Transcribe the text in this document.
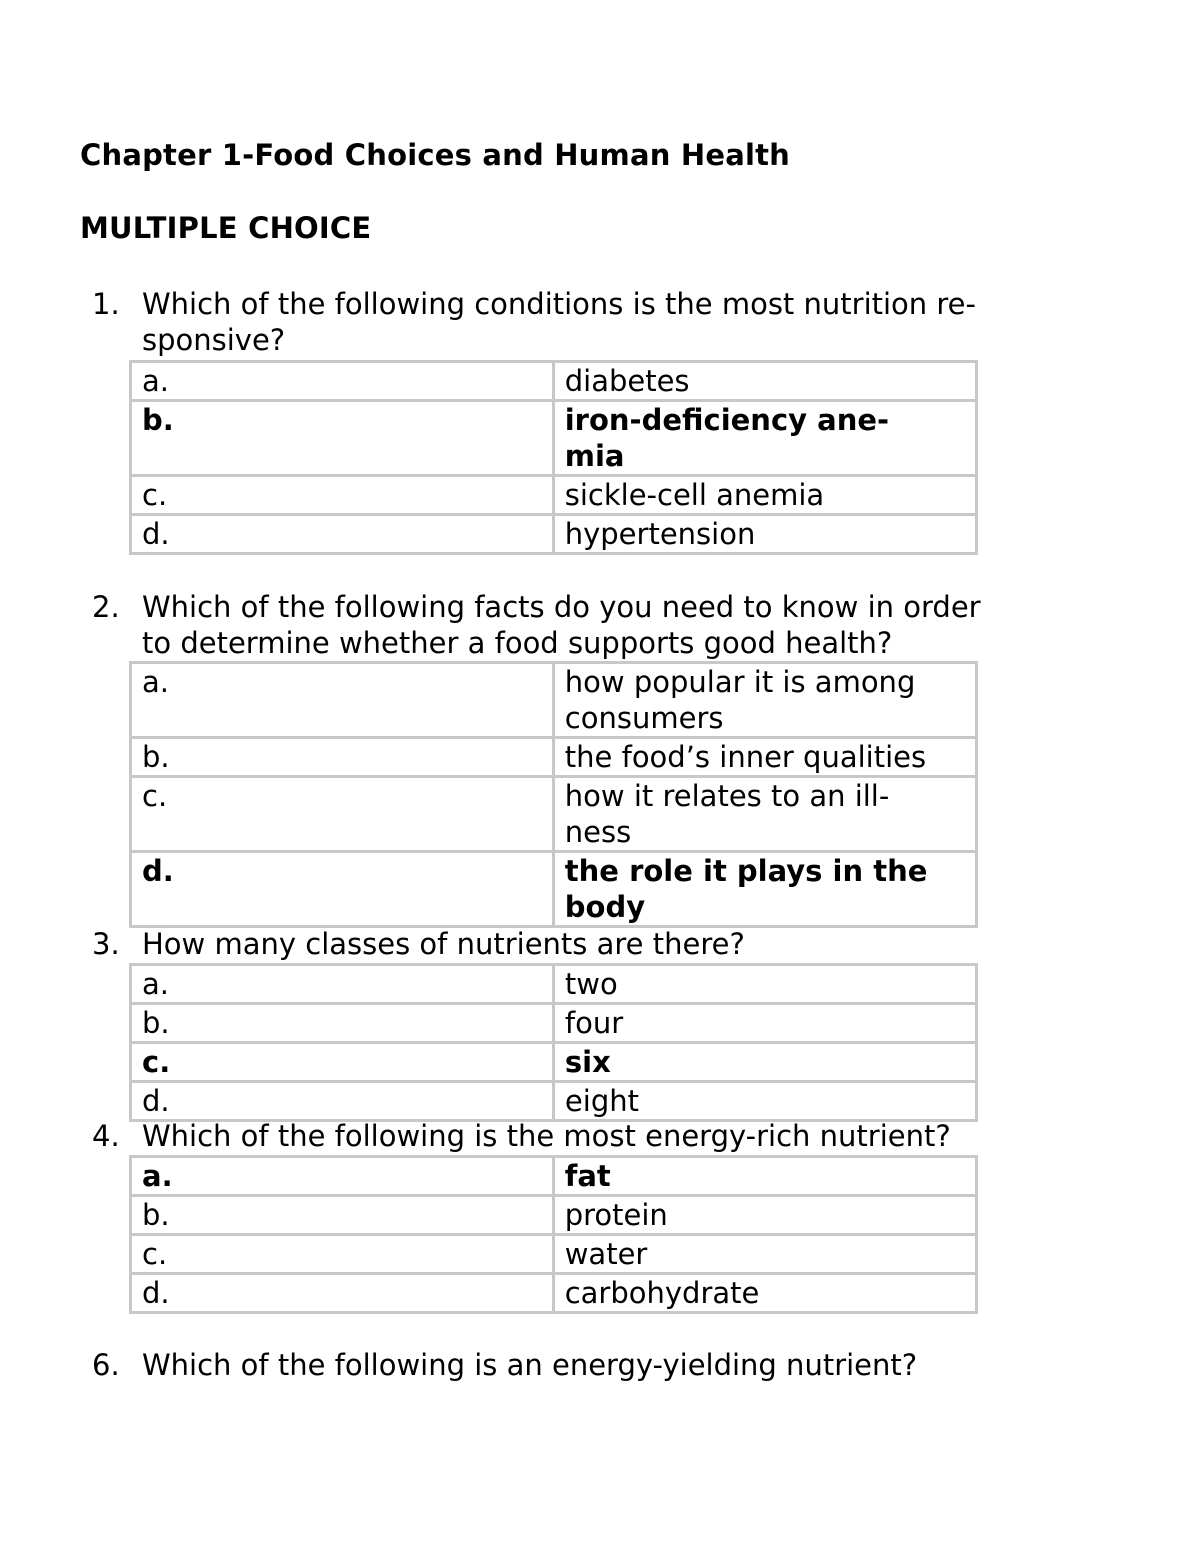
Chapter 1-Food Choices and Human Health
MULTIPLE CHOICE
1. Which of the following conditions is the most nutrition re-
sponsive?
a.	diabetes
b.	iron-deficiency ane-
mia
c.	sickle-cell anemia
d.	hypertension
2. Which of the following facts do you need to know in order
to determine whether a food supports good health?
a.	how popular it is among
consumers
b.	the food’s inner qualities
c.	how it relates to an ill-
ness
d.	the role it plays in the
body
3. How many classes of nutrients are there?
a.	two
b.	four
c.	six
d.	eight
4. Which of the following is the most energy-rich nutrient?
a.	fat
b.	protein
c.	water
d.	carbohydrate
6. Which of the following is an energy-yielding nutrient?
